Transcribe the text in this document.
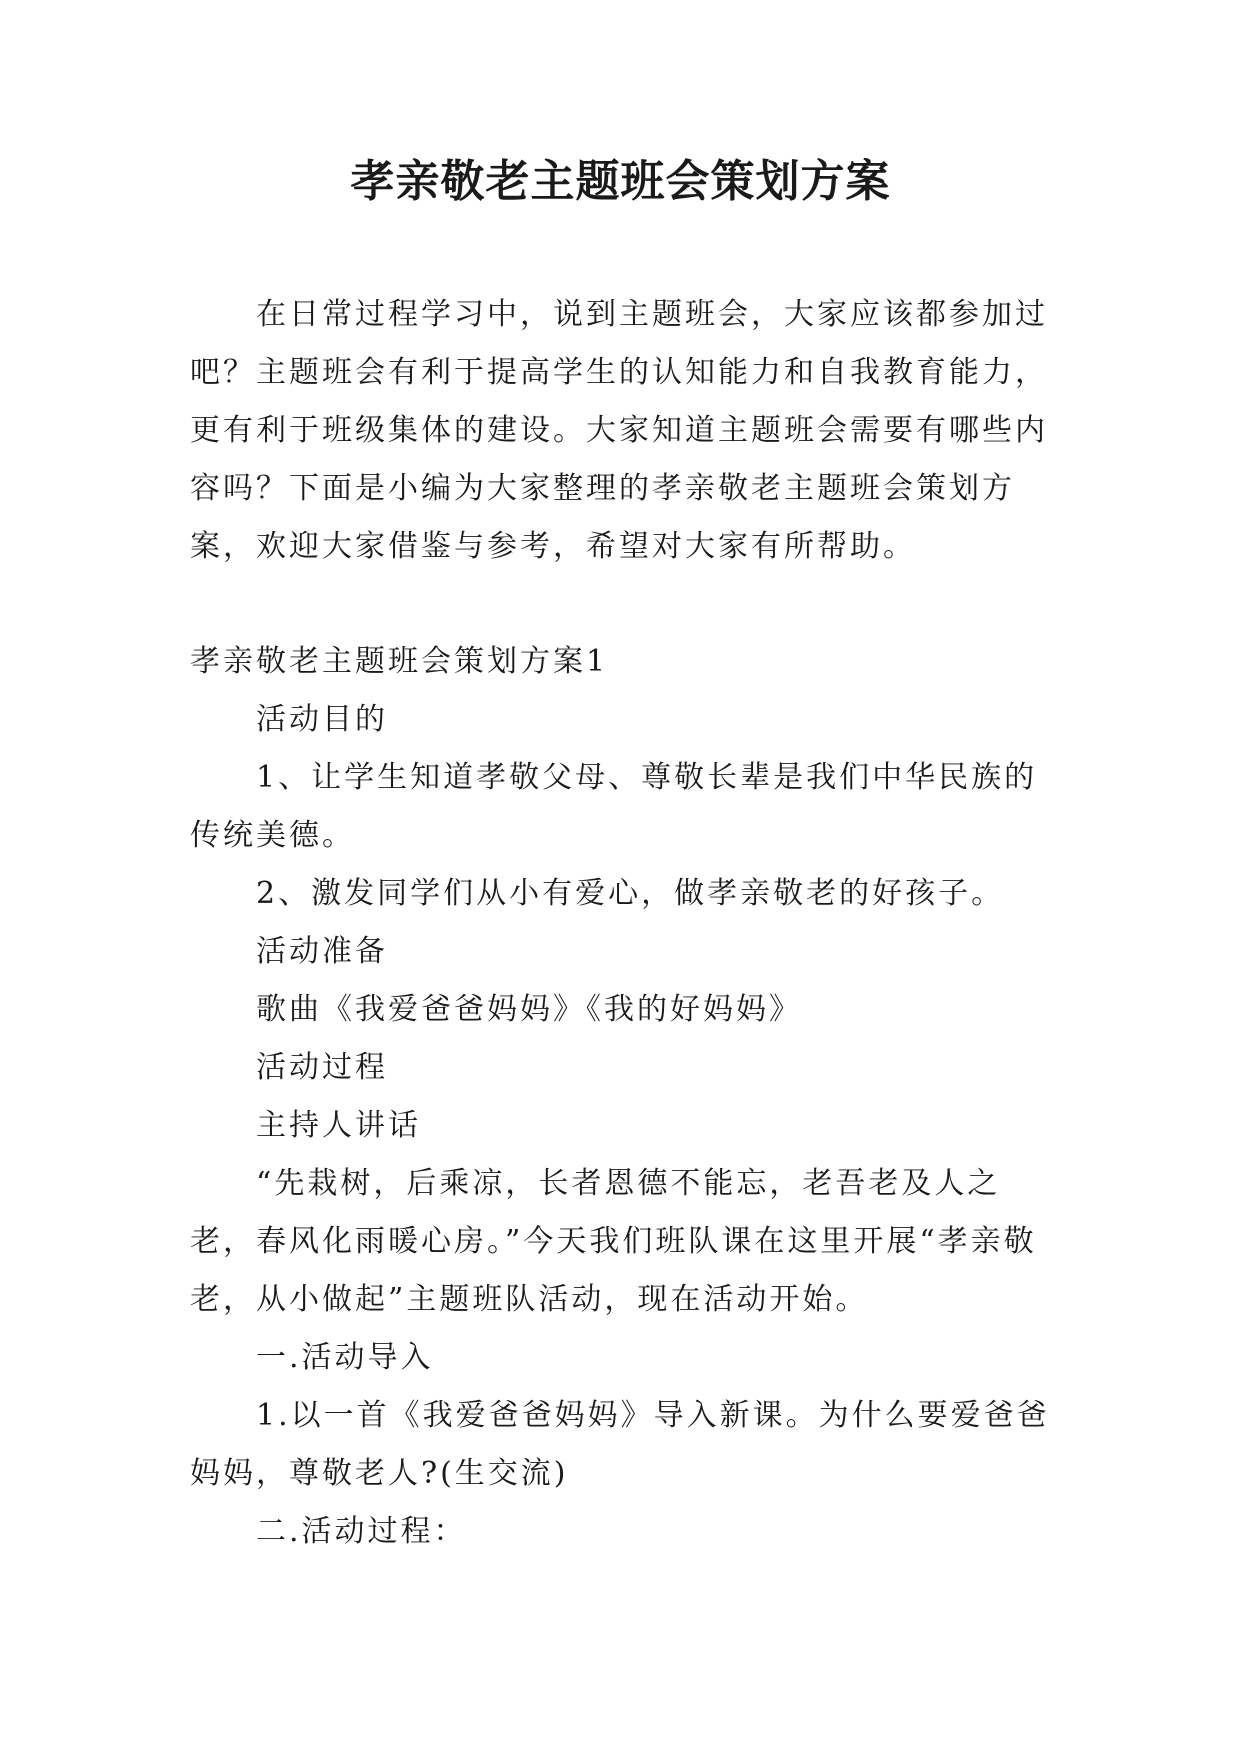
孝亲敬老主题班会策划方案

在日常过程学习中，说到主题班会，大家应该都参加过吧？主题班会有利于提高学生的认知能力和自我教育能力，更有利于班级集体的建设。大家知道主题班会需要有哪些内容吗？下面是小编为大家整理的孝亲敬老主题班会策划方案，欢迎大家借鉴与参考，希望对大家有所帮助。

孝亲敬老主题班会策划方案1

活动目的

1、让学生知道孝敬父母、尊敬长辈是我们中华民族的传统美德。

2、激发同学们从小有爱心，做孝亲敬老的好孩子。

活动准备

歌曲《我爱爸爸妈妈》《我的好妈妈》

活动过程

主持人讲话

“先栽树，后乘凉，长者恩德不能忘，老吾老及人之老，春风化雨暖心房。”今天我们班队课在这里开展“孝亲敬老，从小做起”主题班队活动，现在活动开始。

一.活动导入

1.以一首《我爱爸爸妈妈》导入新课。为什么要爱爸爸妈妈，尊敬老人?(生交流)

二.活动过程：
